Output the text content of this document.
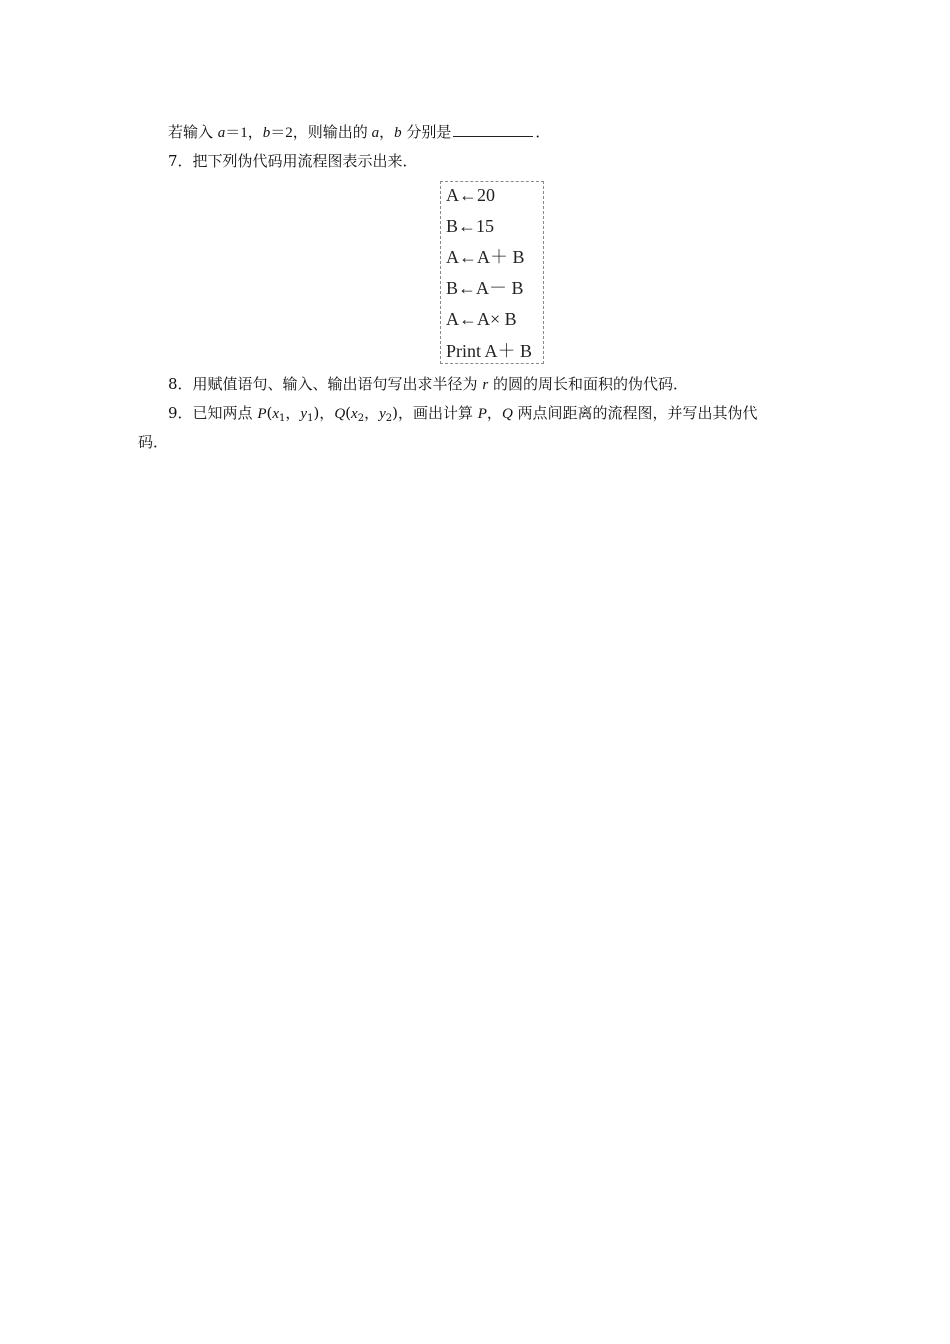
若输入 a＝1，b＝2，则输出的 a，b 分别是	．
7．把下列伪代码用流程图表示出来．
A←20
B←15
A←A＋ B
B←A－ B
A←A× B
Print A＋ B
8．用赋值语句、输入、输出语句写出求半径为 r 的圆的周长和面积的伪代码．
9．已知两点 $P(x_1$，$y_1$)，$Q(x_2$，$y_2$)，画出计算 P，Q 两点间距离的流程图，并写出其伪代
码．
